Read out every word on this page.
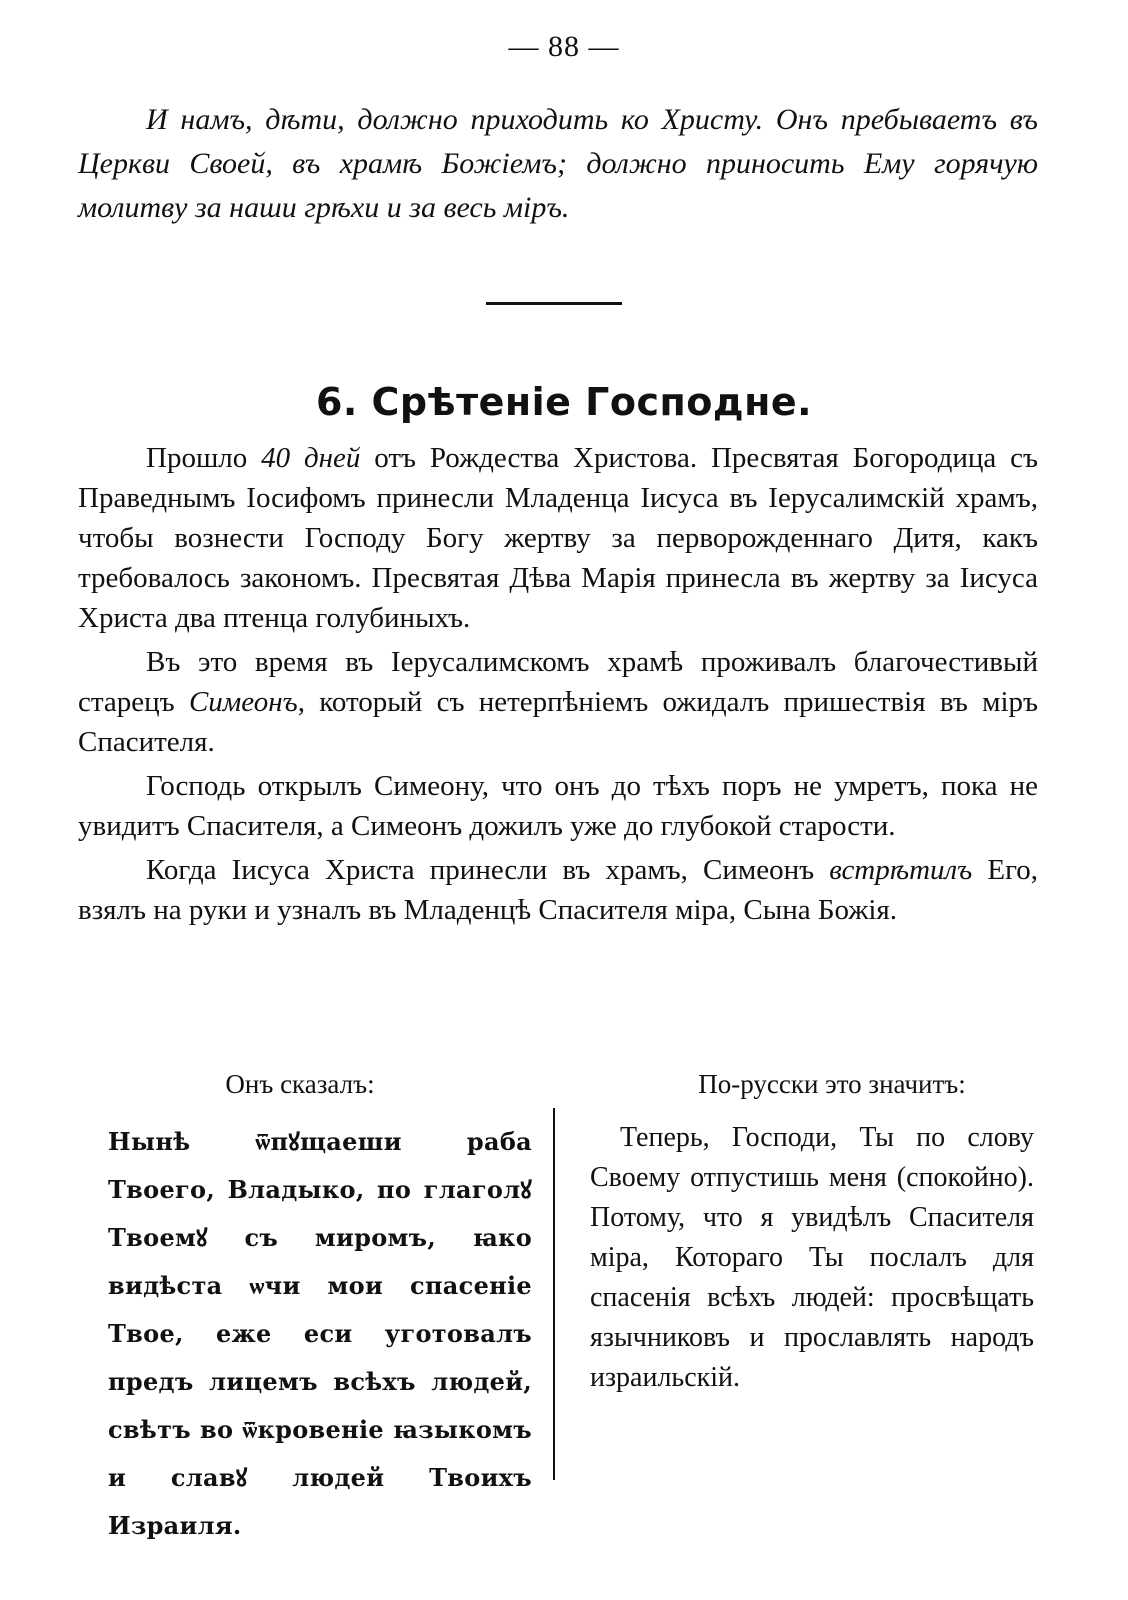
— 88 —

И намъ, дѣти, должно приходить ко Христу. Онъ пребываетъ въ Церкви Своей, въ храмѣ Божіемъ; должно приносить Ему горячую молитву за наши грѣхи и за весь міръ.

6. Срѣтеніе Господне.

Прошло 40 дней отъ Рождества Христова. Пресвятая Богородица съ Праведнымъ Іосифомъ принесли Младенца Іисуса въ Іерусалимскій храмъ, чтобы вознести Господу Богу жертву за перворожденнаго Дитя, какъ требовалось закономъ. Пресвятая Дѣва Марія принесла въ жертву за Іисуса Христа два птенца голубиныхъ.

Въ это время въ Іерусалимскомъ храмѣ проживалъ благочестивый старецъ Симеонъ, который съ нетерпѣніемъ ожидалъ пришествія въ міръ Спасителя.

Господь открылъ Симеону, что онъ до тѣхъ поръ не умретъ, пока не увидитъ Спасителя, а Симеонъ дожилъ уже до глубокой старости.

Когда Іисуса Христа принесли въ храмъ, Симеонъ встрѣтилъ Его, взялъ на руки и узналъ въ Младенцѣ Спасителя міра, Сына Божія.

Онъ сказалъ:	По-русски это значитъ:

Нынѣ ѿпꙋщаеши раба Твоего, Владыко, по глаголꙋ Твоемꙋ съ миромъ, ꙗко видѣста ѡчи мои спасеніе Твое, еже еси уготовалъ предъ лицемъ всѣхъ людей, свѣтъ во ѿкровеніе ꙗзыкомъ и славꙋ людей Твоихъ Израиля.

Теперь, Господи, Ты по слову Своему отпустишь меня (спокойно). Потому, что я увидѣлъ Спасителя міра, Котораго Ты послалъ для спасенія всѣхъ людей: просвѣщать язычниковъ и прославлять народъ израильскій.
